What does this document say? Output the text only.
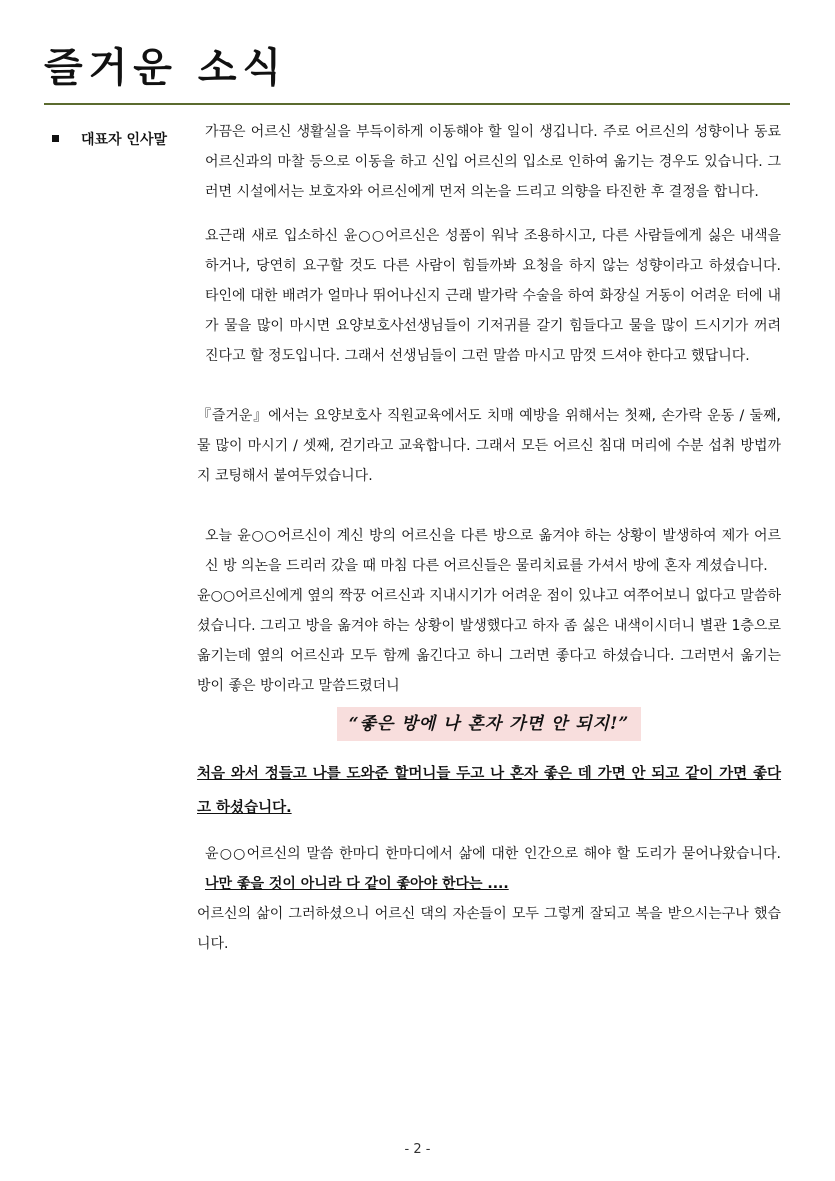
즐거운 소식
대표자 인사말	가끔은 어르신 생활실을 부득이하게 이동해야 할 일이 생깁니다. 주로 어르신의 성향이나 동료 어르신과의 마찰 등으로 이동을 하고 신입 어르신의 입소로 인하여 옮기는 경우도 있습니다. 그러면 시설에서는 보호자와 어르신에게 먼저 의논을 드리고 의향을 타진한 후 결정을 합니다.

요근래 새로 입소하신 윤○○어르신은 성품이 워낙 조용하시고, 다른 사람들에게 싫은 내색을 하거나, 당연히 요구할 것도 다른 사람이 힘들까봐 요청을 하지 않는 성향이라고 하셨습니다. 타인에 대한 배려가 얼마나 뛰어나신지 근래 발가락 수술을 하여 화장실 거동이 어려운 터에 내가 물을 많이 마시면 요양보호사선생님들이 기저귀를 갈기 힘들다고 물을 많이 드시기가 꺼려진다고 할 정도입니다. 그래서 선생님들이 그런 말씀 마시고 맘껏 드셔야 한다고 했답니다.

『즐거운』에서는 요양보호사 직원교육에서도 치매 예방을 위해서는 첫째, 손가락 운동 / 둘째, 물 많이 마시기 / 셋째, 걷기라고 교육합니다. 그래서 모든 어르신 침대 머리에 수분 섭취 방법까지 코팅해서 붙여두었습니다.

오늘 윤○○어르신이 계신 방의 어르신을 다른 방으로 옮겨야 하는 상황이 발생하여 제가 어르신 방 의논을 드리러 갔을 때 마침 다른 어르신들은 물리치료를 가셔서 방에 혼자 계셨습니다.

윤○○어르신에게 옆의 짝꿍 어르신과 지내시기가 어려운 점이 있냐고 여쭈어보니 없다고 말씀하셨습니다. 그리고 방을 옮겨야 하는 상황이 발생했다고 하자 좀 싫은 내색이시더니 별관 1층으로 옮기는데 옆의 어르신과 모두 함께 옮긴다고 하니 그러면 좋다고 하셨습니다. 그러면서 옮기는 방이 좋은 방이라고 말씀드렸더니

“좋은 방에 나 혼자 가면 안 되지!”

처음 와서 정들고 나를 도와준 할머니들 두고 나 혼자 좋은 데 가면 안 되고 같이 가면 좋다고 하셨습니다.

윤○○어르신의 말씀 한마디 한마디에서 삶에 대한 인간으로 해야 할 도리가 묻어나왔습니다. 나만 좋을 것이 아니라 다 같이 좋아야 한다는 ....

어르신의 삶이 그러하셨으니 어르신 댁의 자손들이 모두 그렇게 잘되고 복을 받으시는구나 했습니다.

- 2 -
